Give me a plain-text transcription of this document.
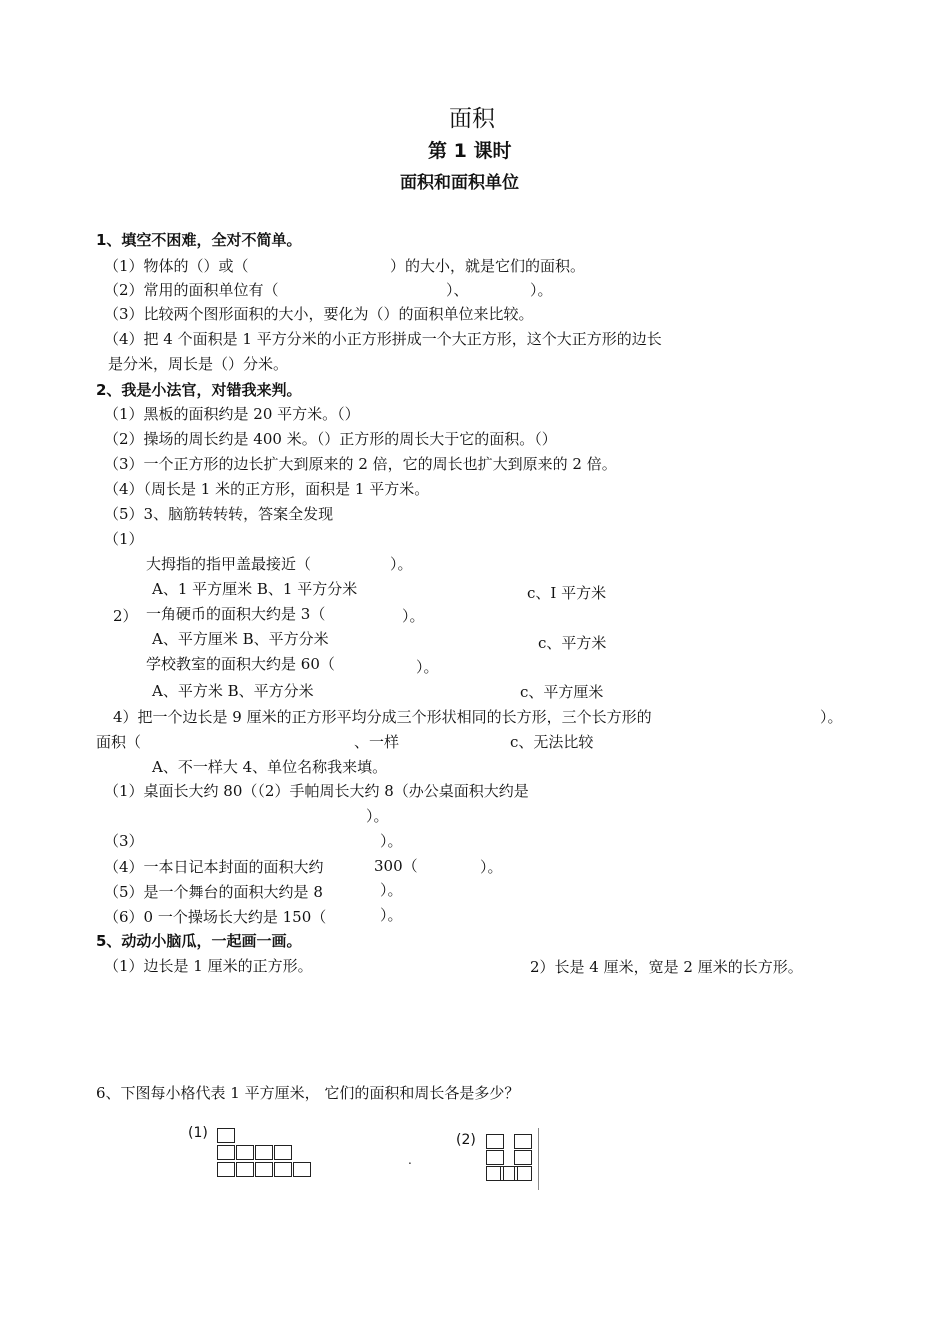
面积
第 1 课时
面积和面积单位
1、填空不困难，全对不简单。
（1）物体的（）或（	）的大小，就是它们的面积。
（2）常用的面积单位有（	）、	）。
（3）比较两个图形面积的大小，要化为（）的面积单位来比较。
（4）把 4 个面积是 1 平方分米的小正方形拼成一个大正方形，这个大正方形的边长
是分米，周长是（）分米。
2、我是小法官，对错我来判。
（1）黑板的面积约是 20 平方米。（）
（2）操场的周长约是 400 米。（）正方形的周长大于它的面积。（）
（3）一个正方形的边长扩大到原来的 2 倍，它的周长也扩大到原来的 2 倍。
（4）（周长是 1 米的正方形，面积是 1 平方米。
（5）3、脑筋转转转，答案全发现
（1）
大拇指的指甲盖最接近（	）。
A、1 平方厘米 B、1 平方分米	c、I 平方米
2） 一角硬币的面积大约是 3（	）。
A、平方厘米 B、平方分米	c、平方米
学校教室的面积大约是 60（	）。
A、平方米 B、平方分米	c、平方厘米
4）把一个边长是 9 厘米的正方形平均分成三个形状相同的长方形，三个长方形的	）。
面积（	、一样	c、无法比较
A、不一样大 4、单位名称我来填。
（1）桌面长大约 80（（2）手帕周长大约 8（办公桌面积大约是
）。
（3）	）。
（4）一本日记本封面的面积大约	300（	）。
（5）是一个舞台的面积大约是 8	）。
（6）0 一个操场长大约是 150（	）。
5、动动小脑瓜，一起画一画。
（1）边长是 1 厘米的正方形。	2）长是 4 厘米，宽是 2 厘米的长方形。
6、下图每小格代表 1 平方厘米， 它们的面积和周长各是多少？
(1)
.
(2)
